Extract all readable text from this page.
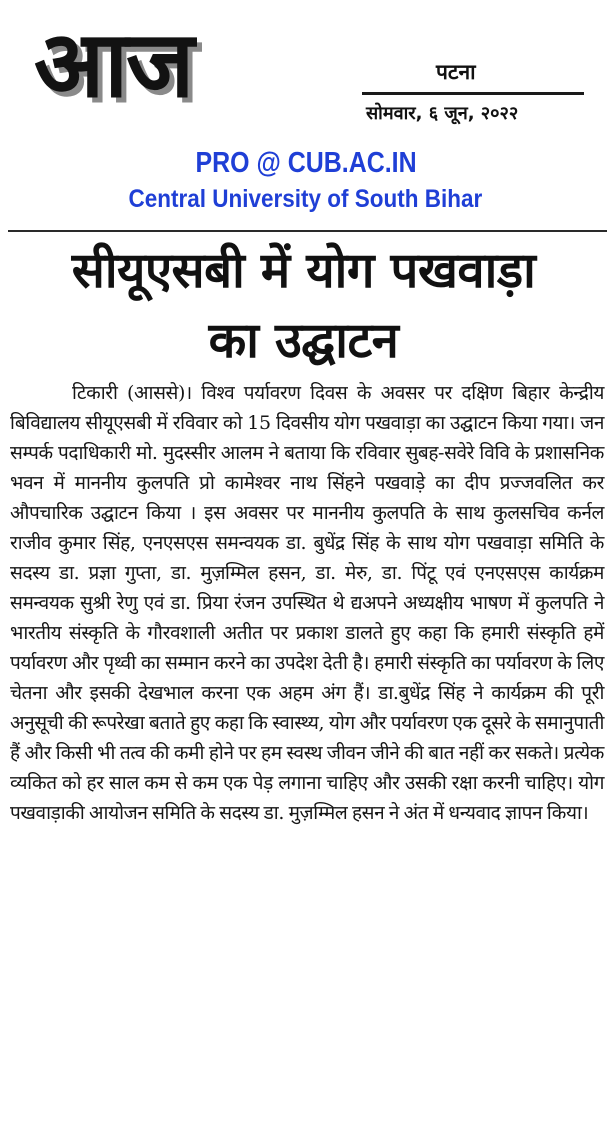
आज	पटना
सोमवार, ६ जून, २०२२
PRO @ CUB.AC.IN
Central University of South Bihar
सीयूएसबी में योग पखवाड़ा
का उद्घाटन

टिकारी (आससे)। विश्व पर्यावरण दिवस के अवसर पर दक्षिण बिहार केन्द्रीय बिविद्यालय सीयूएसबी में रविवार को 15 दिवसीय योग पखवाड़ा का उद्घाटन किया गया। जन सम्पर्क पदाधिकारी मो. मुदस्सीर आलम ने बताया कि रविवार सुबह-सवेरे विवि के प्रशासनिक भवन में माननीय कुलपति प्रो कामेश्वर नाथ सिंहने पखवाड़े का दीप प्रज्जवलित कर औपचारिक उद्घाटन किया । इस अवसर पर माननीय कुलपति के साथ कुलसचिव कर्नल राजीव कुमार सिंह, एनएसएस समन्वयक डा. बुधेंद्र सिंह के साथ योग पखवाड़ा समिति के सदस्य डा. प्रज्ञा गुप्ता, डा. मुज़म्मिल हसन, डा. मेरु, डा. पिंटू एवं एनएसएस कार्यक्रम समन्वयक सुश्री रेणु एवं डा. प्रिया रंजन उपस्थित थे द्यअपने अध्यक्षीय भाषण में कुलपति ने भारतीय संस्कृति के गौरवशाली अतीत पर प्रकाश डालते हुए कहा कि हमारी संस्कृति हमें पर्यावरण और पृथ्वी का सम्मान करने का उपदेश देती है। हमारी संस्कृति का पर्यावरण के लिए चेतना और इसकी देखभाल करना एक अहम अंग हैं। डा.बुधेंद्र सिंह ने कार्यक्रम की पूरी अनुसूची की रूपरेखा बताते हुए कहा कि स्वास्थ्य, योग और पर्यावरण एक दूसरे के समानुपाती हैं और किसी भी तत्व की कमी होने पर हम स्वस्थ जीवन जीने की बात नहीं कर सकते। प्रत्येक व्यकित को हर साल कम से कम एक पेड़ लगाना चाहिए और उसकी रक्षा करनी चाहिए। योग पखवाड़ाकी आयोजन समिति के सदस्य डा. मुज़म्मिल हसन ने अंत में धन्यवाद ज्ञापन किया।
